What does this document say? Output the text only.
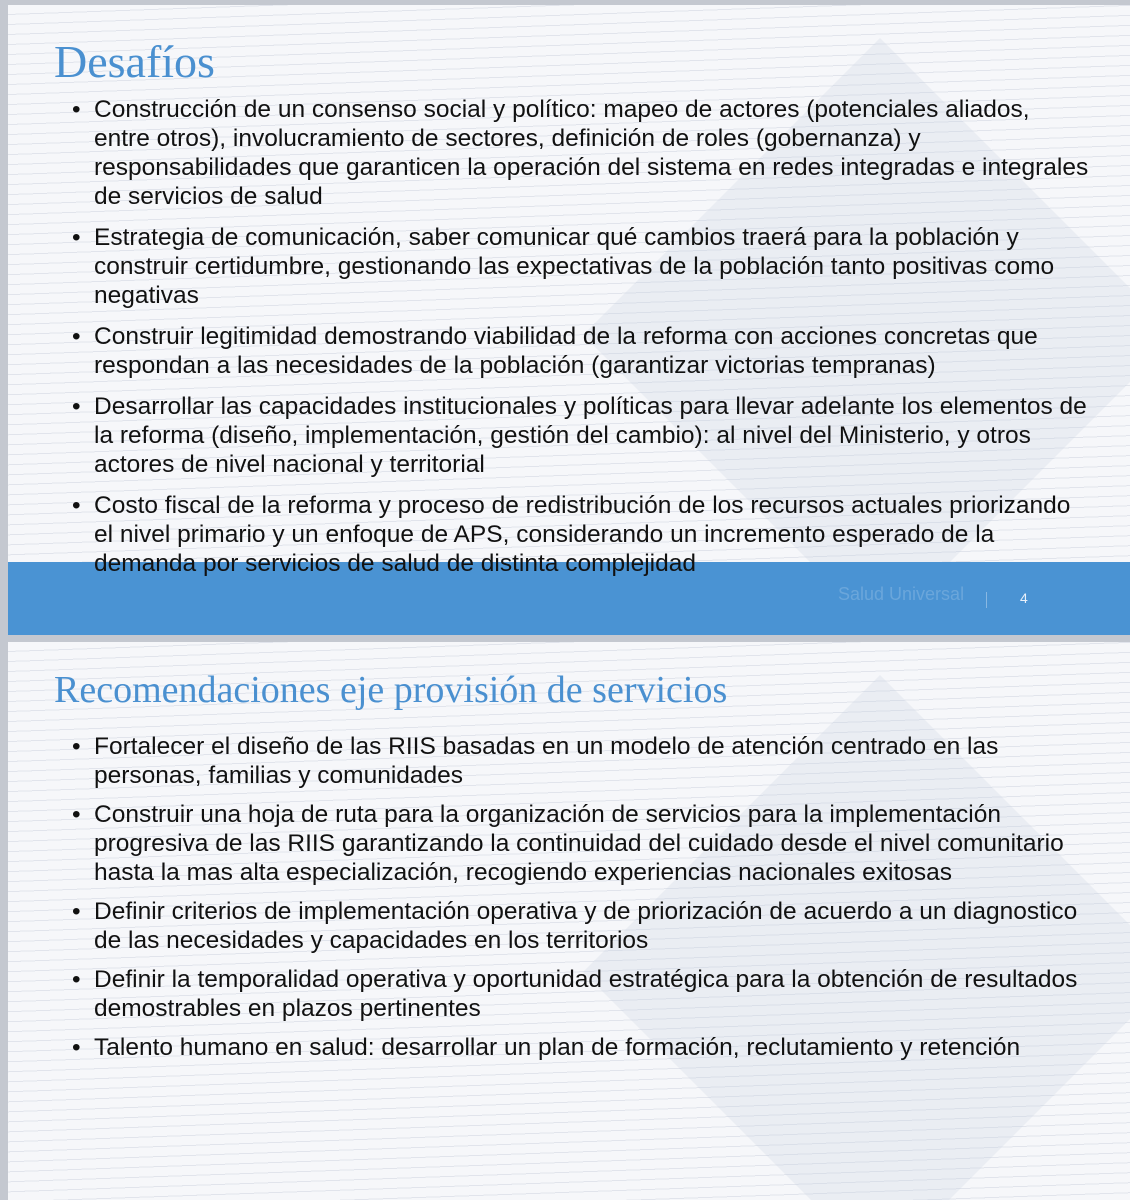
Desafíos
• Construcción de un consenso social y político: mapeo de actores (potenciales aliados, entre otros), involucramiento de sectores, definición de roles (gobernanza) y responsabilidades que garanticen la operación del sistema en redes integradas e integrales de servicios de salud
• Estrategia de comunicación, saber comunicar qué cambios traerá para la población y construir certidumbre, gestionando las expectativas de la población tanto positivas como negativas
• Construir legitimidad demostrando viabilidad de la reforma con acciones concretas que respondan a las necesidades de la población (garantizar victorias tempranas)
• Desarrollar las capacidades institucionales y políticas para llevar adelante los elementos de la reforma (diseño, implementación, gestión del cambio): al nivel del Ministerio, y otros actores de nivel nacional y territorial
• Costo fiscal de la reforma y proceso de redistribución de los recursos actuales priorizando el nivel primario y un enfoque de APS, considerando un incremento esperado de la demanda por servicios de salud de distinta complejidad
Salud Universal	4
Recomendaciones eje provisión de servicios
• Fortalecer el diseño de las RIIS basadas en un modelo de atención centrado en las personas, familias y comunidades
• Construir una hoja de ruta para la organización de servicios para la implementación progresiva de las RIIS garantizando la continuidad del cuidado desde el nivel comunitario hasta la mas alta especialización, recogiendo experiencias nacionales exitosas
• Definir criterios de implementación operativa y de priorización de acuerdo a un diagnostico de las necesidades y capacidades en los territorios
• Definir la temporalidad operativa y oportunidad estratégica para la obtención de resultados demostrables en plazos pertinentes
• Talento humano en salud: desarrollar un plan de formación, reclutamiento y retención
